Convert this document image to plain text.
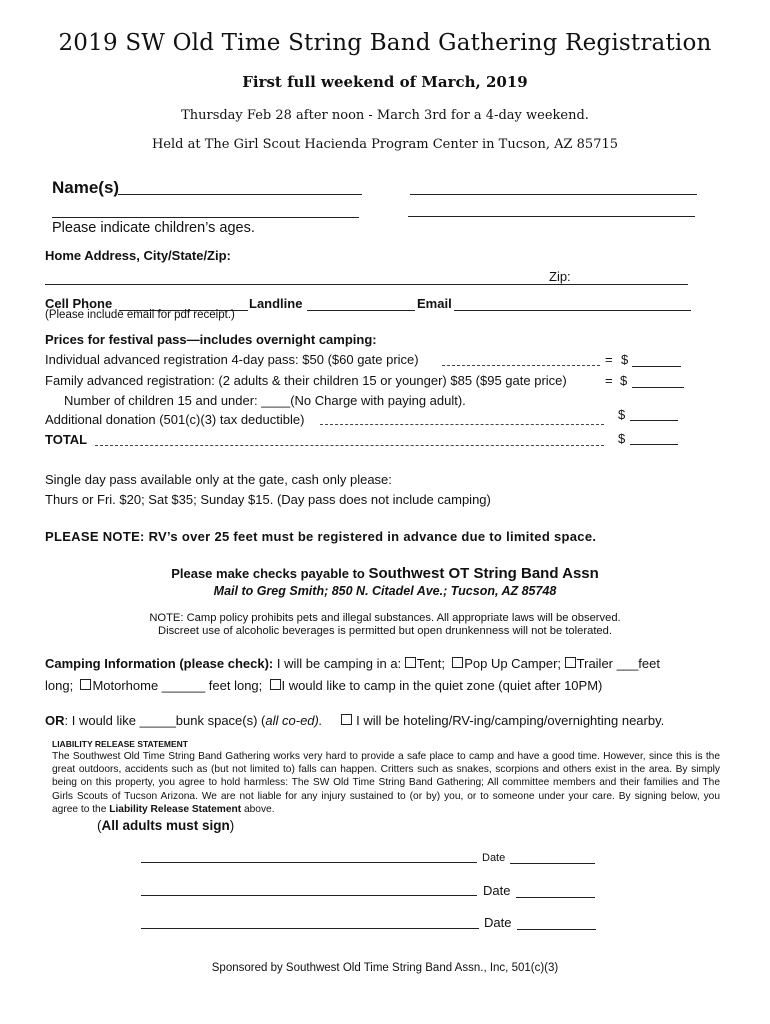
2019 SW Old Time String Band Gathering Registration
First full weekend of March, 2019
Thursday Feb 28 after noon - March 3rd for a 4-day weekend.
Held at The Girl Scout Hacienda Program Center in Tucson, AZ 85715
Name(s)
Please indicate children’s ages.
Home Address, City/State/Zip:
Zip:
Cell Phone	Landline	Email
(Please include email for pdf receipt.)
Prices for festival pass—includes overnight camping:
Individual advanced registration 4-day pass: $50 ($60 gate price)	= $
Family advanced registration: (2 adults & their children 15 or younger) $85 ($95 gate price)	= $
Number of children 15 and under: ____(No Charge with paying adult).
Additional donation (501(c)(3) tax deductible)	$
TOTAL	$
Single day pass available only at the gate, cash only please:
Thurs or Fri. $20; Sat $35; Sunday $15. (Day pass does not include camping)
PLEASE NOTE: RV’s over 25 feet must be registered in advance due to limited space.
Please make checks payable to Southwest OT String Band Assn
Mail to Greg Smith; 850 N. Citadel Ave.; Tucson, AZ 85748
NOTE: Camp policy prohibits pets and illegal substances. All appropriate laws will be observed.
Discreet use of alcoholic beverages is permitted but open drunkenness will not be tolerated.
Camping Information (please check): I will be camping in a: Tent; Pop Up Camper; Trailer ___feet
long; Motorhome ______ feet long; I would like to camp in the quiet zone (quiet after 10PM)
OR: I would like _____bunk space(s) (all co-ed).	I will be hoteling/RV-ing/camping/overnighting nearby.
LIABILITY RELEASE STATEMENT
The Southwest Old Time String Band Gathering works very hard to provide a safe place to camp and have a good time. However, since this is the great outdoors, accidents such as (but not limited to) falls can happen. Critters such as snakes, scorpions and others exist in the area. By simply being on this property, you agree to hold harmless: The SW Old Time String Band Gathering; All committee members and their families and The Girls Scouts of Tucson Arizona. We are not liable for any injury sustained to (or by) you, or to someone under your care. By signing below, you agree to the Liability Release Statement above.
(All adults must sign)
Date
Date
Date
Sponsored by Southwest Old Time String Band Assn., Inc, 501(c)(3)
